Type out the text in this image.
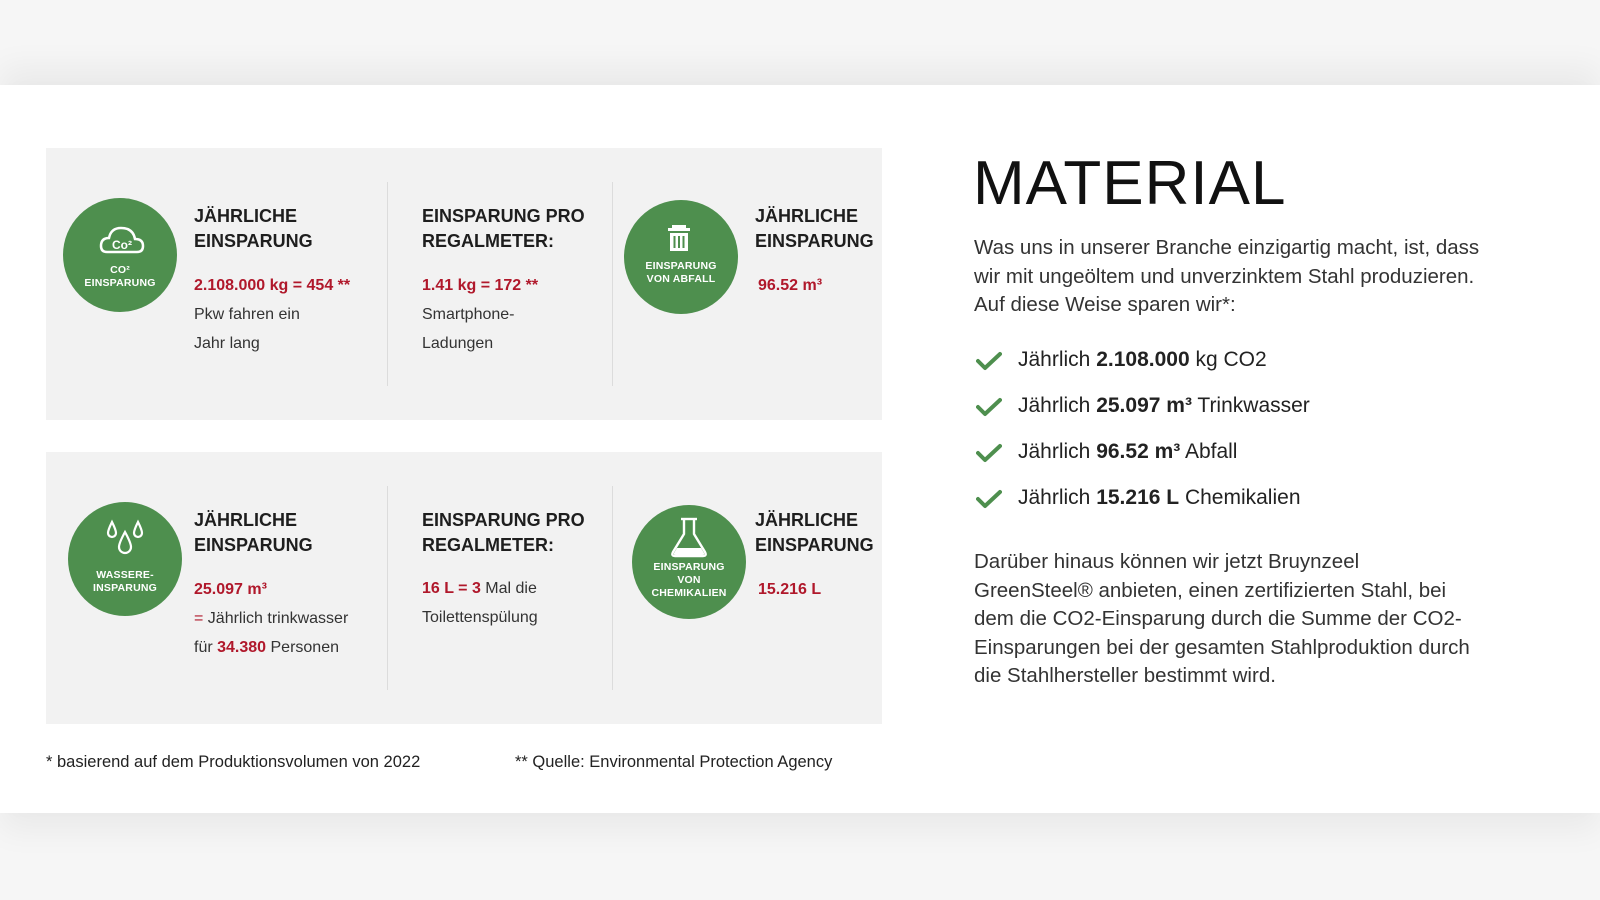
Co²
CO²
EINSPARUNG
JÄHRLICHE
EINSPARUNG
2.108.000 kg = 454 **
Pkw fahren ein
Jahr lang
EINSPARUNG PRO
REGALMETER:
1.41 kg = 172 **
Smartphone-
Ladungen
EINSPARUNG
VON ABFALL
JÄHRLICHE
EINSPARUNG
96.52 m³
WASSERE-
INSPARUNG
JÄHRLICHE
EINSPARUNG
25.097 m³
= Jährlich trinkwasser
für 34.380 Personen
EINSPARUNG PRO
REGALMETER:
16 L = 3 Mal die
Toilettenspülung
EINSPARUNG
VON
CHEMIKALIEN
JÄHRLICHE
EINSPARUNG
15.216 L
* basierend auf dem Produktionsvolumen von 2022	** Quelle: Environmental Protection Agency
MATERIAL
Was uns in unserer Branche einzigartig macht, ist, dass wir mit ungeöltem und unverzinktem Stahl produzieren. Auf diese Weise sparen wir*:
Jährlich 2.108.000 kg CO2
Jährlich 25.097 m³ Trinkwasser
Jährlich 96.52 m³ Abfall
Jährlich 15.216 L Chemikalien
Darüber hinaus können wir jetzt Bruynzeel GreenSteel® anbieten, einen zertifizierten Stahl, bei dem die CO2-Einsparung durch die Summe der CO2-Einsparungen bei der gesamten Stahlproduktion durch die Stahlhersteller bestimmt wird.
